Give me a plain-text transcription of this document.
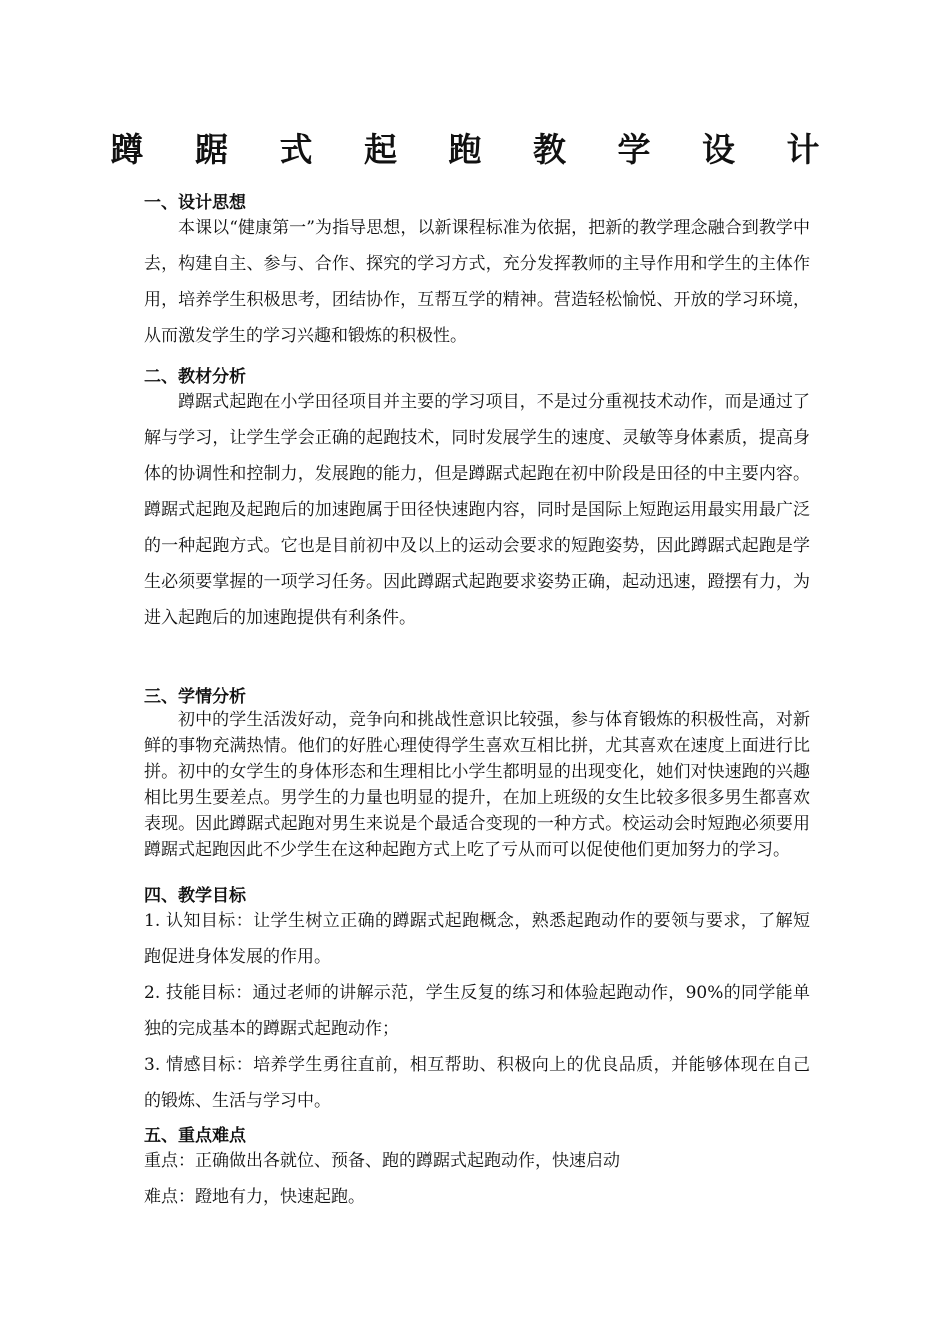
蹲 踞 式 起 跑 教 学 设 计
一、设计思想

本课以“健康第一”为指导思想，以新课程标准为依据，把新的教学理念融合到教学中去，构建自主、参与、合作、探究的学习方式，充分发挥教师的主导作用和学生的主体作用，培养学生积极思考，团结协作，互帮互学的精神。营造轻松愉悦、开放的学习环境，从而激发学生的学习兴趣和锻炼的积极性。

二、教材分析

蹲踞式起跑在小学田径项目并主要的学习项目，不是过分重视技术动作，而是通过了解与学习，让学生学会正确的起跑技术，同时发展学生的速度、灵敏等身体素质，提高身体的协调性和控制力，发展跑的能力，但是蹲踞式起跑在初中阶段是田径的中主要内容。蹲踞式起跑及起跑后的加速跑属于田径快速跑内容，同时是国际上短跑运用最实用最广泛的一种起跑方式。它也是目前初中及以上的运动会要求的短跑姿势，因此蹲踞式起跑是学生必须要掌握的一项学习任务。因此蹲踞式起跑要求姿势正确，起动迅速，蹬摆有力，为进入起跑后的加速跑提供有利条件。

三、学情分析

初中的学生活泼好动，竞争向和挑战性意识比较强，参与体育锻炼的积极性高，对新鲜的事物充满热情。他们的好胜心理使得学生喜欢互相比拼，尤其喜欢在速度上面进行比拼。初中的女学生的身体形态和生理相比小学生都明显的出现变化，她们对快速跑的兴趣相比男生要差点。男学生的力量也明显的提升，在加上班级的女生比较多很多男生都喜欢表现。因此蹲踞式起跑对男生来说是个最适合变现的一种方式。校运动会时短跑必须要用蹲踞式起跑因此不少学生在这种起跑方式上吃了亏从而可以促使他们更加努力的学习。

四、教学目标

1. 认知目标：让学生树立正确的蹲踞式起跑概念，熟悉起跑动作的要领与要求，了解短跑促进身体发展的作用。

2. 技能目标：通过老师的讲解示范，学生反复的练习和体验起跑动作，90%的同学能单独的完成基本的蹲踞式起跑动作；

3. 情感目标：培养学生勇往直前，相互帮助、积极向上的优良品质，并能够体现在自己的锻炼、生活与学习中。

五、重点难点

重点：正确做出各就位、预备、跑的蹲踞式起跑动作，快速启动

难点：蹬地有力，快速起跑。
